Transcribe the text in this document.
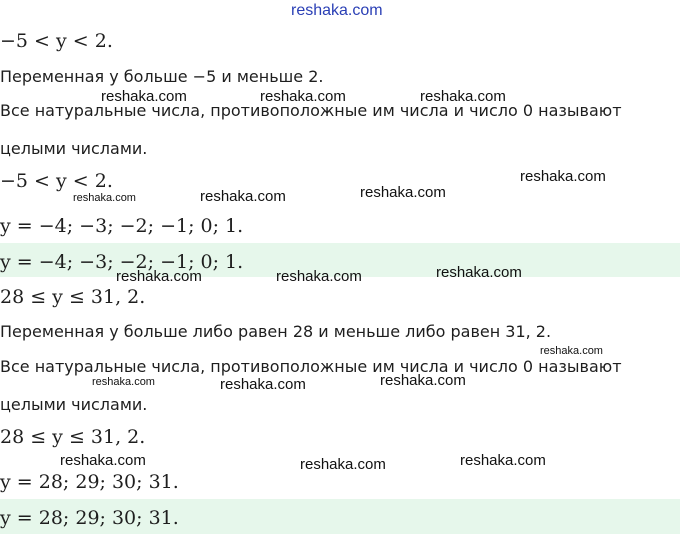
−5 < y < 2.
Переменная y больше −5 и меньше 2.
Все натуральные числа, противоположные им числа и число 0 называют
целыми числами.
−5 < y < 2.
y = −4; −3; −2; −1; 0; 1.
y = −4; −3; −2; −1; 0; 1.
28 ≤ y ≤ 31, 2.
Переменная y больше либо равен 28 и меньше либо равен 31, 2.
Все натуральные числа, противоположные им числа и число 0 называют
целыми числами.
28 ≤ y ≤ 31, 2.
y = 28; 29; 30; 31.
y = 28; 29; 30; 31.
reshaka.com
reshaka.com	reshaka.com	reshaka.com
reshaka.com	reshaka.com	reshaka.com
reshaka.com
reshaka.com	reshaka.com	reshaka.com
reshaka.com
reshaka.com	reshaka.com	reshaka.com
reshaka.com	reshaka.com	reshaka.com
